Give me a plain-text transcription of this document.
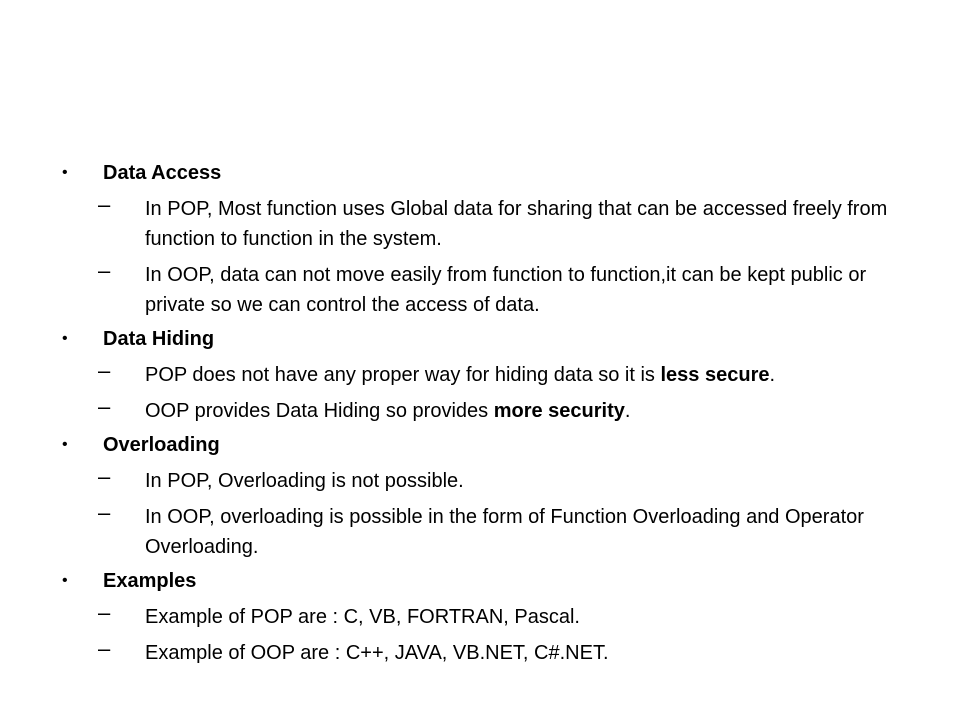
• Data Access
– In POP, Most function uses Global data for sharing that can be accessed freely from function to function in the system.
– In OOP, data can not move easily from function to function,it can be kept public or private so we can control the access of data.
• Data Hiding
– POP does not have any proper way for hiding data so it is less secure.
– OOP provides Data Hiding so provides more security.
• Overloading
– In POP, Overloading is not possible.
– In OOP, overloading is possible in the form of Function Overloading and Operator Overloading.
• Examples
– Example of POP are : C, VB, FORTRAN, Pascal.
– Example of OOP are : C++, JAVA, VB.NET, C#.NET.
